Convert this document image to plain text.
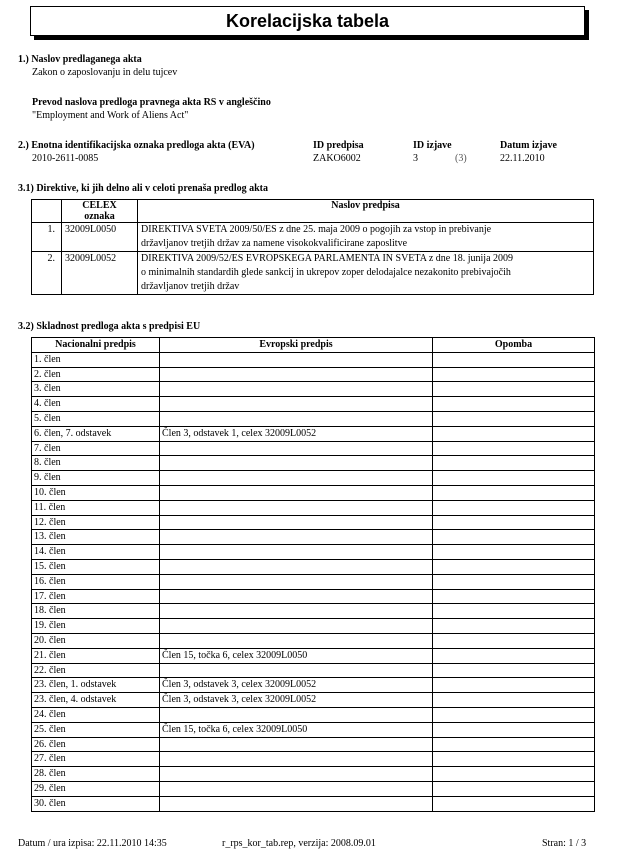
Korelacijska tabela
1.) Naslov predlaganega akta
Zakon o zaposlovanju in delu tujcev
Prevod naslova predloga pravnega akta RS v angleščino
"Employment and Work of Aliens Act"
2.) Enotna identifikacijska oznaka predloga akta (EVA)
2010-2611-0085
ID predpisa
ZAKO6002
ID izjave
3	(3)
Datum izjave
22.11.2010
3.1) Direktive, ki jih delno ali v celoti prenaša predlog akta

	CELEX
oznaka	Naslov predpisa
1.	32009L0050	DIREKTIVA SVETA 2009/50/ES z dne 25. maja 2009 o pogojih za vstop in prebivanje
državljanov tretjih držav za namene visokokvalificirane zaposlitve

2.	32009L0052	DIREKTIVA 2009/52/ES EVROPSKEGA PARLAMENTA IN SVETA z dne 18. junija 2009
o minimalnih standardih glede sankcij in ukrepov zoper delodajalce nezakonito prebivajočih
državljanov tretjih držav
3.2) Skladnost predloga akta s predpisi EU
Nacionalni predpis	Evropski predpis	Opomba
1. člen		
2. člen		
3. člen		
4. člen		
5. člen		
6. člen, 7. odstavek	Člen 3, odstavek 1, celex 32009L0052	
7. člen		
8. člen		
9. člen		
10. člen		
11. člen		
12. člen		
13. člen		
14. člen		
15. člen		
16. člen		
17. člen		
18. člen		
19. člen		
20. člen		
21. člen	Člen 15, točka 6, celex 32009L0050	
22. člen		
23. člen, 1. odstavek	Člen 3, odstavek 3, celex 32009L0052	
23. člen, 4. odstavek	Člen 3, odstavek 3, celex 32009L0052	
24. člen		
25. člen	Člen 15, točka 6, celex 32009L0050	
26. člen		
27. člen		
28. člen		
29. člen		
30. člen		
Datum / ura izpisa: 22.11.2010 14:35	r_rps_kor_tab.rep, verzija: 2008.09.01	Stran: 1 / 3
